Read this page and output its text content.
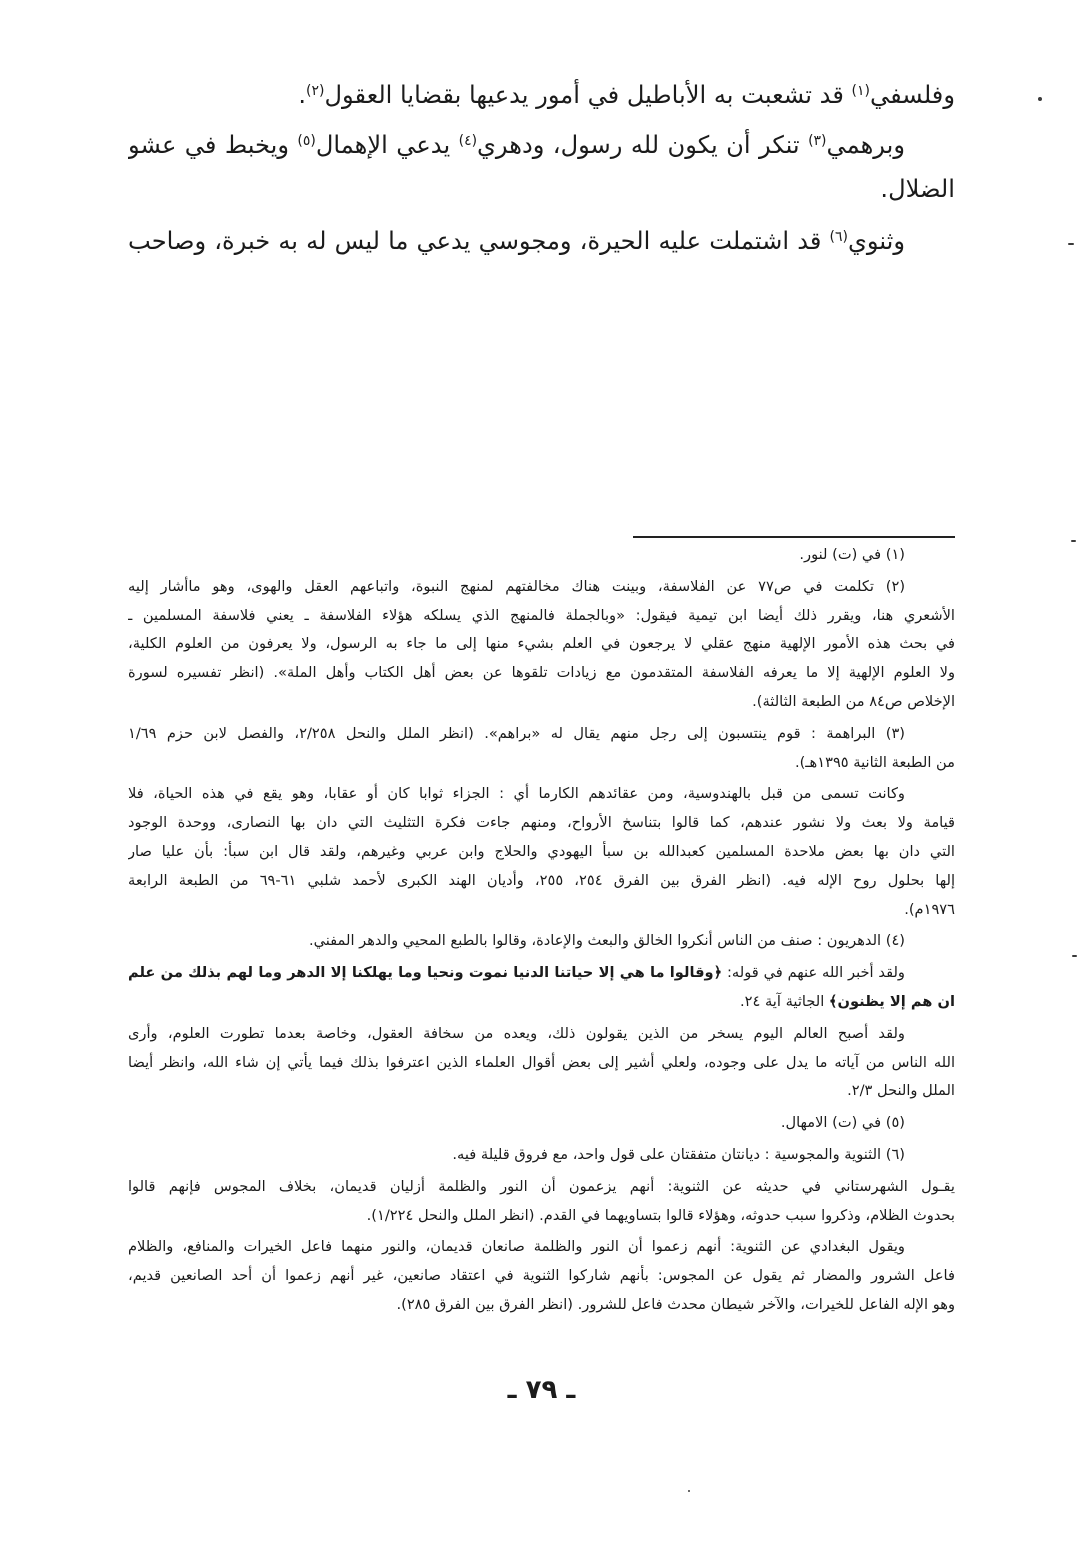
وفلسفي$^{(١)}$ قد تشعبت به الأباطيل في أمور يدعيها بقضايا العقول$^{(٢)}$.
وبرهمي$^{(٣)}$ تنكر أن يكون لله رسول، ودهري$^{(٤)}$ يدعي الإهمال$^{(٥)}$ ويخبط في عشو
الضلال.
وثنوي$^{(٦)}$ قد اشتملت عليه الحيرة، ومجوسي يدعي ما ليس له به خبرة، وصاحب
(١) في (ت) لنور.
(٢) تكلمت في ص٧٧ عن الفلاسفة، وبينت هناك مخالفتهم لمنهج النبوة، واتباعهم العقل والهوى، وهو ماأشار إليه
الأشعري هنا، ويقرر ذلك أيضا ابن تيمية فيقول: «وبالجملة فالمنهج الذي يسلكه هؤلاء الفلاسفة ـ يعني فلاسفة المسلمين ـ
في بحث هذه الأمور الإلهية منهج عقلي لا يرجعون في العلم بشيء منها إلى ما جاء به الرسول، ولا يعرفون من العلوم الكلية،
ولا العلوم الإلهية إلا ما يعرفه الفلاسفة المتقدمون مع زيادات تلقوها عن بعض أهل الكتاب وأهل الملة». (انظر تفسيره لسورة
الإخلاص ص٨٤ من الطبعة الثالثة).
(٣) البراهمة : قوم ينتسبون إلى رجل منهم يقال له «براهم». (انظر الملل والنحل ٢/٢٥٨، والفصل لابن حزم ١/٦٩
من الطبعة الثانية ١٣٩٥هـ).
وكانت تسمى من قبل بالهندوسية، ومن عقائدهم الكارما أي : الجزاء ثوابا كان أو عقابا، وهو يقع في هذه الحياة، فلا
قيامة ولا بعث ولا نشور عندهم، كما قالوا بتناسخ الأرواح، ومنهم جاءت فكرة التثليث التي دان بها النصارى، ووحدة الوجود
التي دان بها بعض ملاحدة المسلمين كعبدالله بن سبأ اليهودي والحلاج وابن عربي وغيرهم، ولقد قال ابن سبأ: بأن عليا صار
إلها بحلول روح الإله فيه. (انظر الفرق بين الفرق ٢٥٤، ٢٥٥، وأديان الهند الكبرى لأحمد شلبي ٦١-٦٩ من الطبعة الرابعة
١٩٧٦م).
(٤) الدهريون : صنف من الناس أنكروا الخالق والبعث والإعادة، وقالوا بالطبع المحيي والدهر المفني.
ولقد أخبر الله عنهم في قوله: ﴿وقالوا ما هي إلا حياتنا الدنيا نموت ونحيا وما يهلكنا إلا الدهر وما لهم بذلك من علم
ان هم إلا يظنون﴾ الجاثية آية ٢٤.
ولقد أصبح العالم اليوم يسخر من الذين يقولون ذلك، ويعده من سخافة العقول، وخاصة بعدما تطورت العلوم، وأرى
الله الناس من آياته ما يدل على وجوده، ولعلي أشير إلى بعض أقوال العلماء الذين اعترفوا بذلك فيما يأتي إن شاء الله، وانظر أيضا
الملل والنحل ٢/٣.
(٥) في (ت) الامهال.
(٦) الثنوية والمجوسية : ديانتان متفقتان على قول واحد، مع فروق قليلة فيه.
يقـول الشهرستاني في حديثه عن الثنوية: أنهم يزعمون أن النور والظلمة أزليان قديمان، بخلاف المجوس فإنهم قالوا
بحدوث الظلام، وذكروا سبب حدوثه، وهؤلاء قالوا بتساويهما في القدم. (انظر الملل والنحل ١/٢٢٤).
ويقول البغدادي عن الثنوية: أنهم زعموا أن النور والظلمة صانعان قديمان، والنور منهما فاعل الخيرات والمنافع، والظلام
فاعل الشرور والمضار ثم يقول عن المجوس: بأنهم شاركوا الثنوية في اعتقاد صانعين، غير أنهم زعموا أن أحد الصانعين قديم،
وهو الإله الفاعل للخيرات، والآخر شيطان محدث فاعل للشرور. (انظر الفرق بين الفرق ٢٨٥).
ـ ٧٩ ـ
